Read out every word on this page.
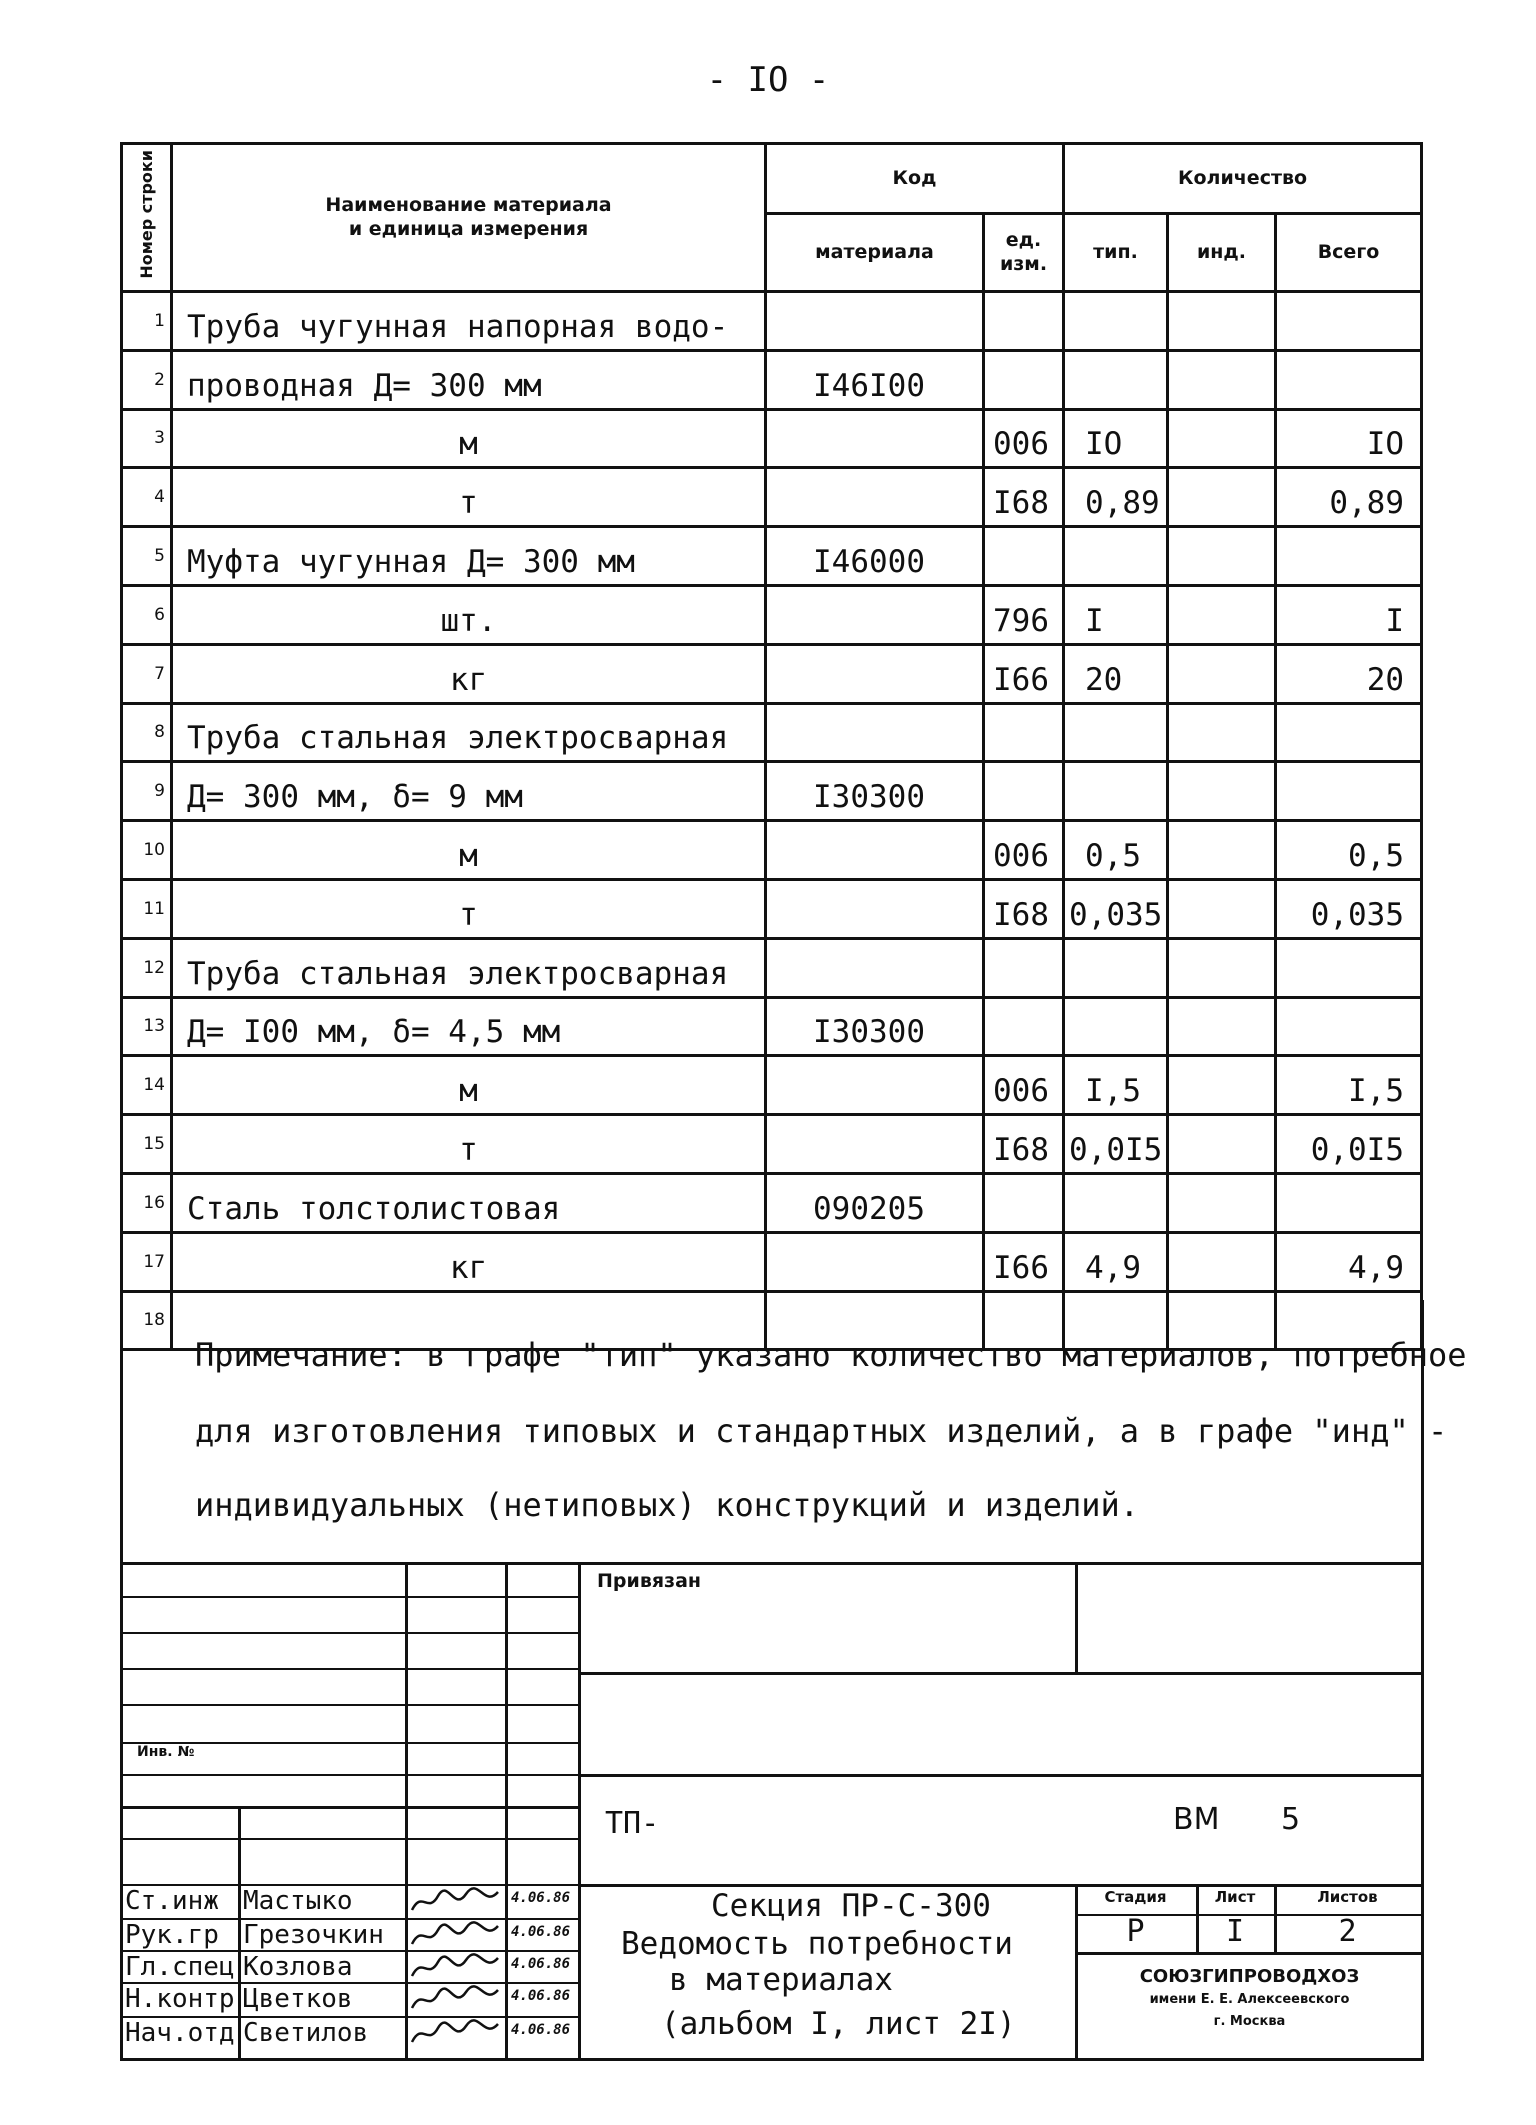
- IO -
Номер строки	Наименование материала и единица измерения	Код		Количество		
		материала	ед. изм.	тип.	инд.	Всего
1	Труба чугунная напорная водо-					
2	проводная Д= 300 мм	I46I00				
3	м		006	IO		IO
4	т		I68	0,89		0,89
5	Муфта чугунная Д= 300 мм	I46000				
6	шт.		796	I		I
7	кг		I66	20		20
8	Труба стальная электросварная					
9	Д= 300 мм, δ= 9 мм	I30300				
10	м		006	0,5		0,5
11	т		I68	0,035		0,035
12	Труба стальная электросварная					
13	Д= I00 мм, δ= 4,5 мм	I30300				
14	м		006	I,5		I,5
15	т		I68	0,0I5		0,0I5
16	Сталь толстолистовая	090205				
17	кг		I66	4,9		4,9
18						
Примечание: в графе "тип" указано количество материалов, потребное
для изготовления типовых и стандартных изделий, а в графе "инд" -
индивидуальных (нетиповых) конструкций и изделий.
Привязан
Инв. №
ТП-	ВМ 5
Ст.инж Мастыко	4.06.86
Рук.гр Грезочкин	4.06.86
Гл.спец Козлова	4.06.86
Н.контр Цветков	4.06.86
Нач.отд Светилов	4.06.86
Секция ПР-С-300
Ведомость потребности
в материалах
(альбом I, лист 2I)
Стадия	Лист	Листов
Р	I	2
СОЮЗГИПРОВОДХОЗ
имени Е. Е. Алексеевского
г. Москва
